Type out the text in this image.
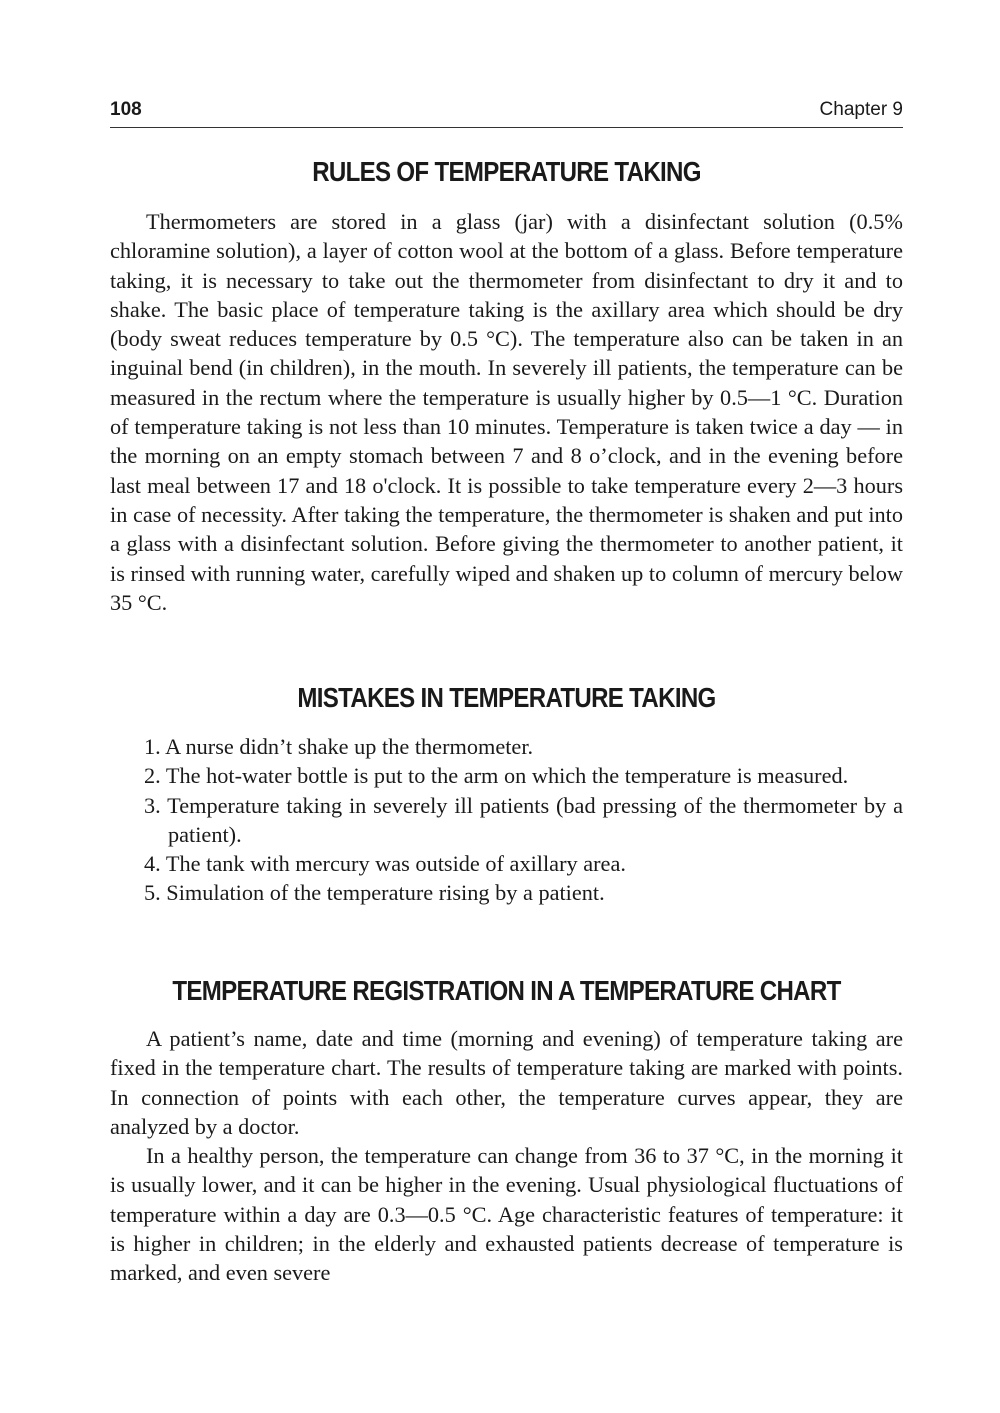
108	Chapter 9
RULES OF TEMPERATURE TAKING

Thermometers are stored in a glass (jar) with a disinfectant solution (0.5% chloramine solution), a layer of cotton wool at the bottom of a glass. Before temperature taking, it is necessary to take out the thermometer from disinfectant to dry it and to shake. The basic place of temperature taking is the axillary area which should be dry (body sweat reduces temperature by 0.5 °C). The temperature also can be taken in an inguinal bend (in children), in the mouth. In severely ill patients, the temperature can be measured in the rectum where the temperature is usually higher by 0.5—1 °C. Duration of temperature taking is not less than 10 minutes. Temperature is taken twice a day — in the morning on an empty stomach between 7 and 8 o’clock, and in the evening before last meal between 17 and 18 o'clock. It is possible to take temperature every 2—3 hours in case of necessity. After taking the temperature, the thermometer is shaken and put into a glass with a disinfectant solution. Before giving the thermometer to another patient, it is rinsed with running water, carefully wiped and shaken up to column of mercury below 35 °C.

MISTAKES IN TEMPERATURE TAKING
1. A nurse didn’t shake up the thermometer.
2. The hot-water bottle is put to the arm on which the temperature is measured.
3. Temperature taking in severely ill patients (bad pressing of the thermometer by a patient).
4. The tank with mercury was outside of axillary area.
5. Simulation of the temperature rising by a patient.
TEMPERATURE REGISTRATION IN A TEMPERATURE CHART

A patient’s name, date and time (morning and evening) of temperature taking are fixed in the temperature chart. The results of temperature taking are marked with points. In connection of points with each other, the temperature curves appear, they are analyzed by a doctor.

In a healthy person, the temperature can change from 36 to 37 °C, in the morning it is usually lower, and it can be higher in the evening. Usual physiological fluctuations of temperature within a day are 0.3—0.5 °C. Age characteristic features of temperature: it is higher in children; in the elderly and exhausted patients decrease of temperature is marked, and even severe
